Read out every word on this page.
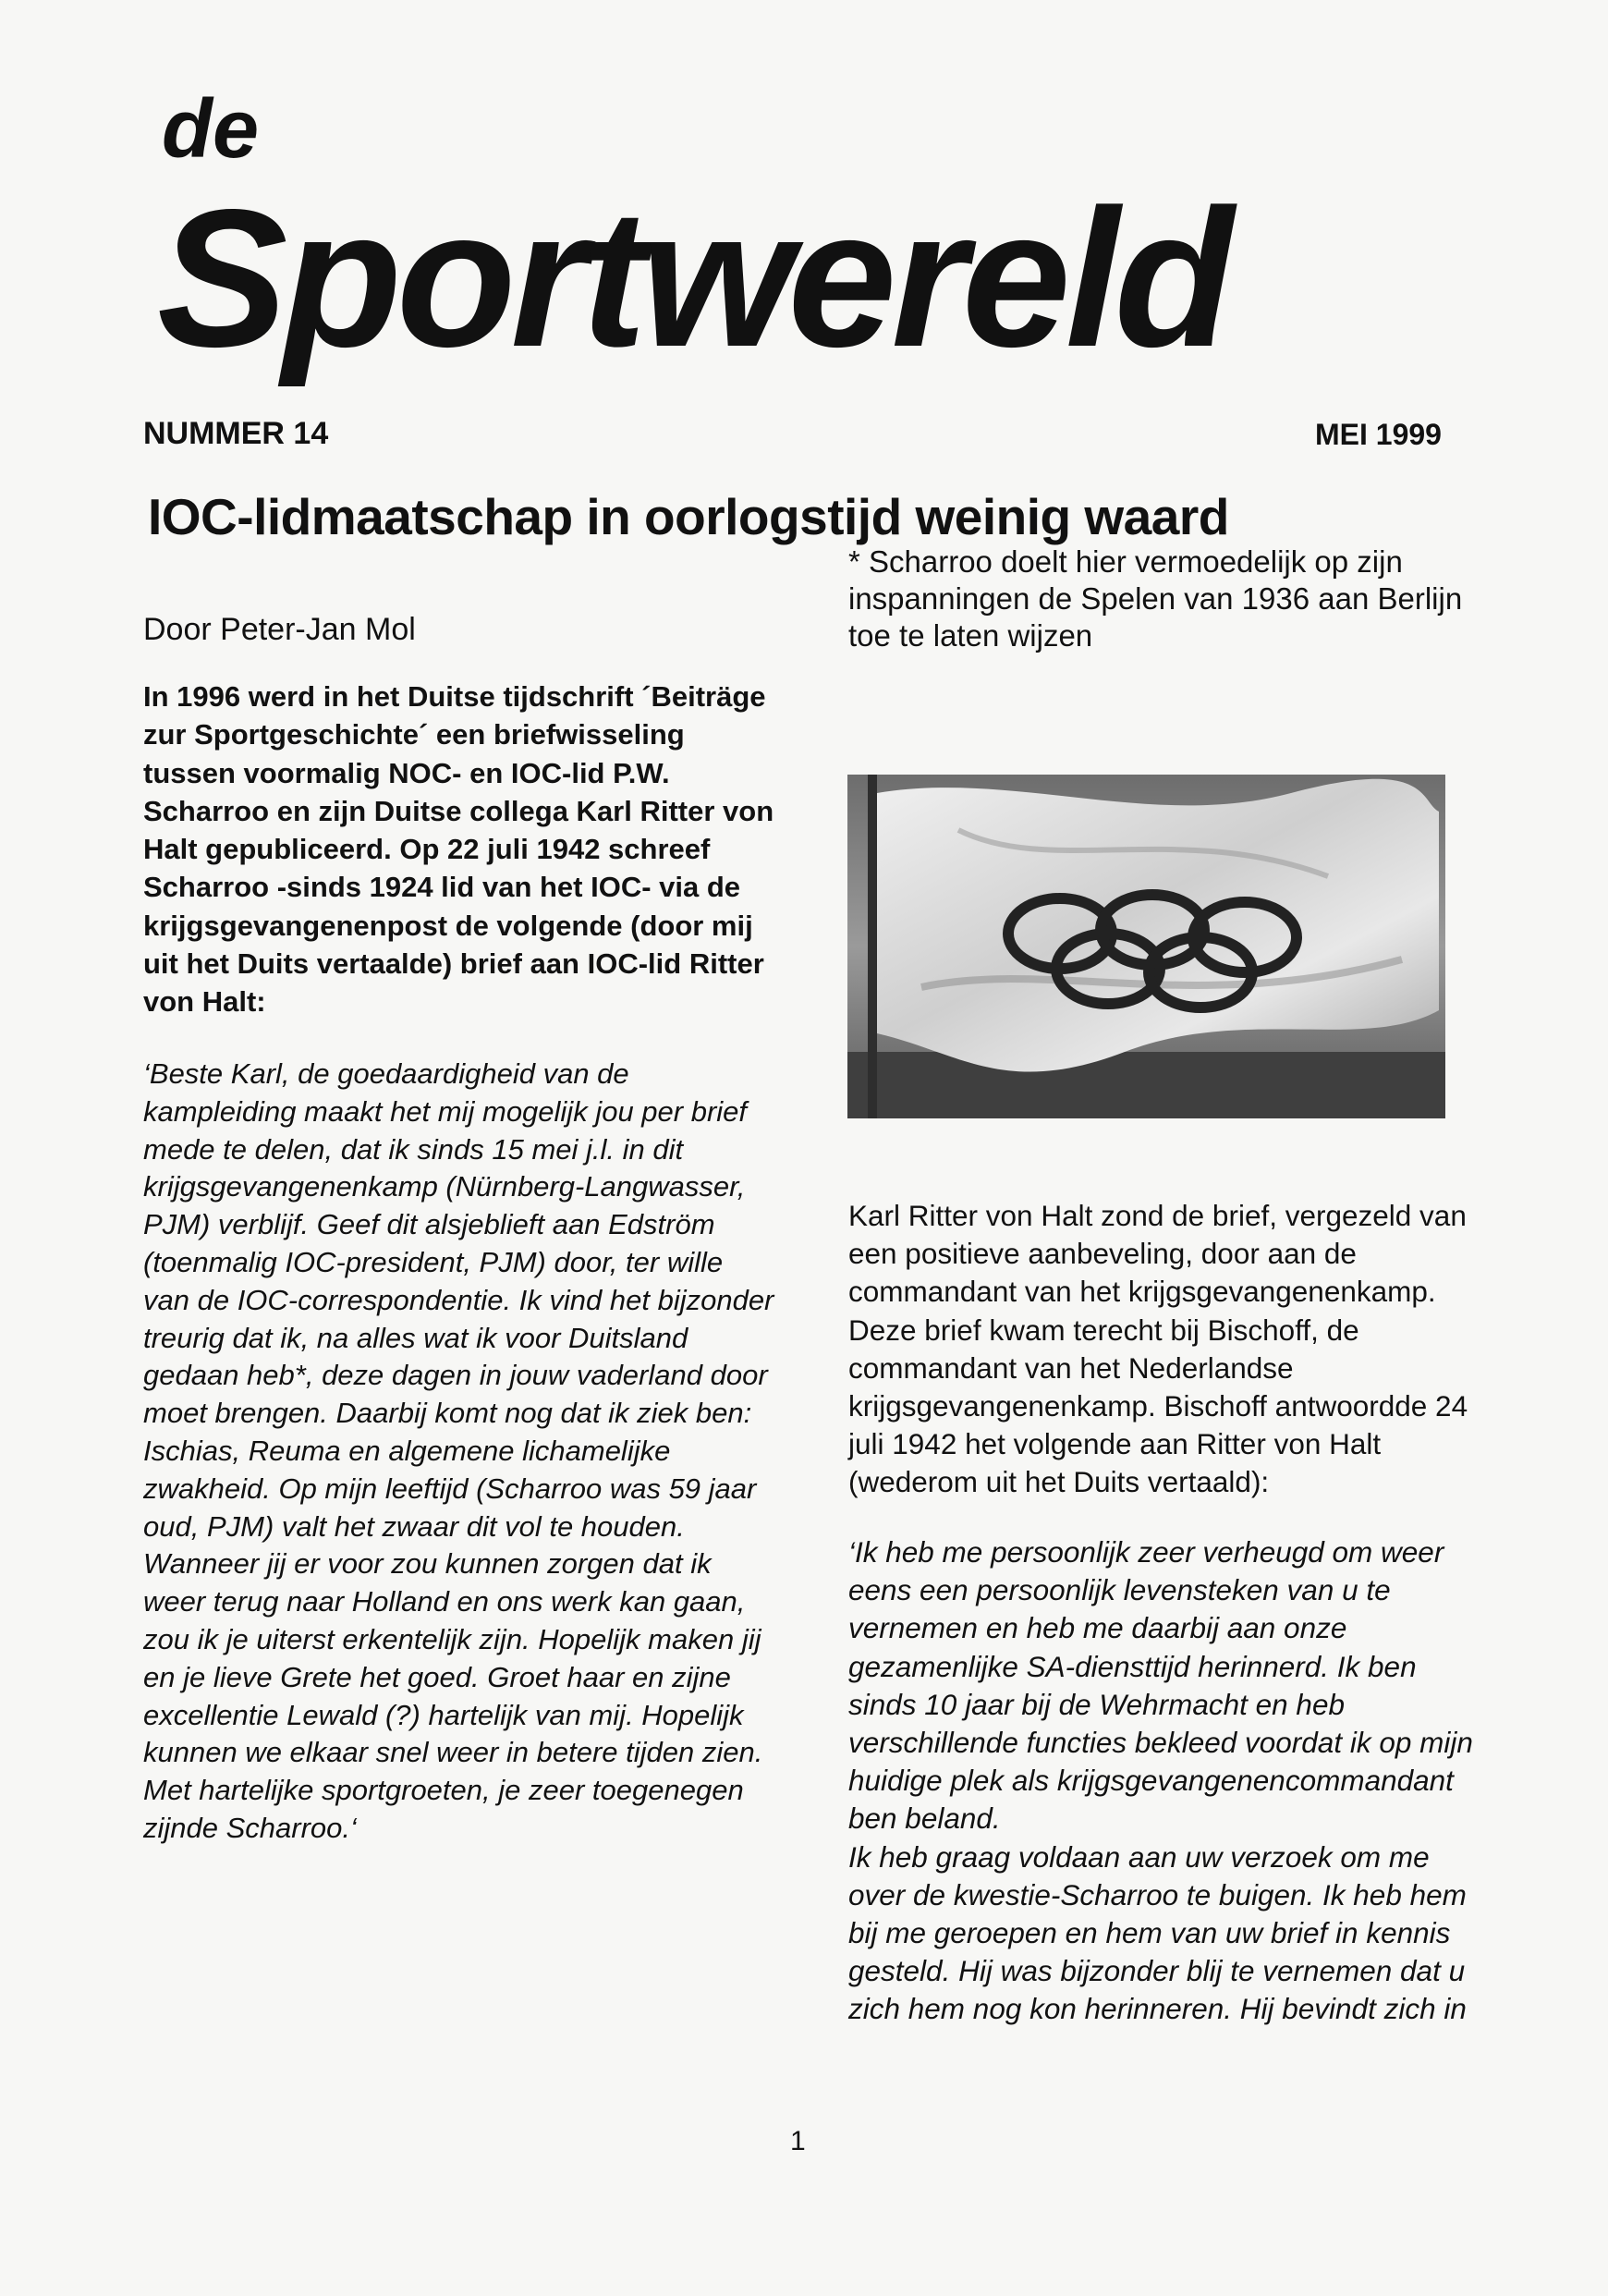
de
Sportwereld
NUMMER 14	MEI 1999
IOC-lidmaatschap in oorlogstijd weinig waard
Door Peter-Jan Mol
In 1996 werd in het Duitse tijdschrift ´Beiträge zur Sportgeschichte´ een briefwisseling tussen voormalig NOC- en IOC-lid P.W. Scharroo en zijn Duitse collega Karl Ritter von Halt gepubliceerd. Op 22 juli 1942 schreef Scharroo -sinds 1924 lid van het IOC- via de krijgsgevangenenpost de volgende (door mij uit het Duits vertaalde) brief aan IOC-lid Ritter von Halt:
‘Beste Karl, de goedaardigheid van de kampleiding maakt het mij mogelijk jou per brief mede te delen, dat ik sinds 15 mei j.l. in dit krijgsgevangenenkamp (Nürnberg-Langwasser, PJM) verblijf. Geef dit alsjeblieft aan Edström (toenmalig IOC-president, PJM) door, ter wille van de IOC-correspondentie. Ik vind het bijzonder treurig dat ik, na alles wat ik voor Duitsland gedaan heb*, deze dagen in jouw vaderland door moet brengen. Daarbij komt nog dat ik ziek ben: Ischias, Reuma en algemene lichamelijke zwakheid. Op mijn leeftijd (Scharroo was 59 jaar oud, PJM) valt het zwaar dit vol te houden. Wanneer jij er voor zou kunnen zorgen dat ik weer terug naar Holland en ons werk kan gaan, zou ik je uiterst erkentelijk zijn. Hopelijk maken jij en je lieve Grete het goed. Groet haar en zijne excellentie Lewald (?) hartelijk van mij. Hopelijk kunnen we elkaar snel weer in betere tijden zien.
Met hartelijke sportgroeten, je zeer toegenegen zijnde Scharroo.‘
* Scharroo doelt hier vermoedelijk op zijn inspanningen de Spelen van 1936 aan Berlijn toe te laten wijzen
Karl Ritter von Halt zond de brief, vergezeld van een positieve aanbeveling, door aan de commandant van het krijgsgevangenenkamp. Deze brief kwam terecht bij Bischoff, de commandant van het Nederlandse krijgsgevangenenkamp. Bischoff antwoordde 24 juli 1942 het volgende aan Ritter von Halt (wederom uit het Duits vertaald):
‘Ik heb me persoonlijk zeer verheugd om weer eens een persoonlijk levensteken van u te vernemen en heb me daarbij aan onze gezamenlijke SA-diensttijd herinnerd. Ik ben sinds 10 jaar bij de Wehrmacht en heb verschillende functies bekleed voordat ik op mijn huidige plek als krijgsgevangenencommandant ben beland.
Ik heb graag voldaan aan uw verzoek om me over de kwestie-Scharroo te buigen. Ik heb hem bij me geroepen en hem van uw brief in kennis gesteld. Hij was bijzonder blij te vernemen dat u zich hem nog kon herinneren. Hij bevindt zich in
1
